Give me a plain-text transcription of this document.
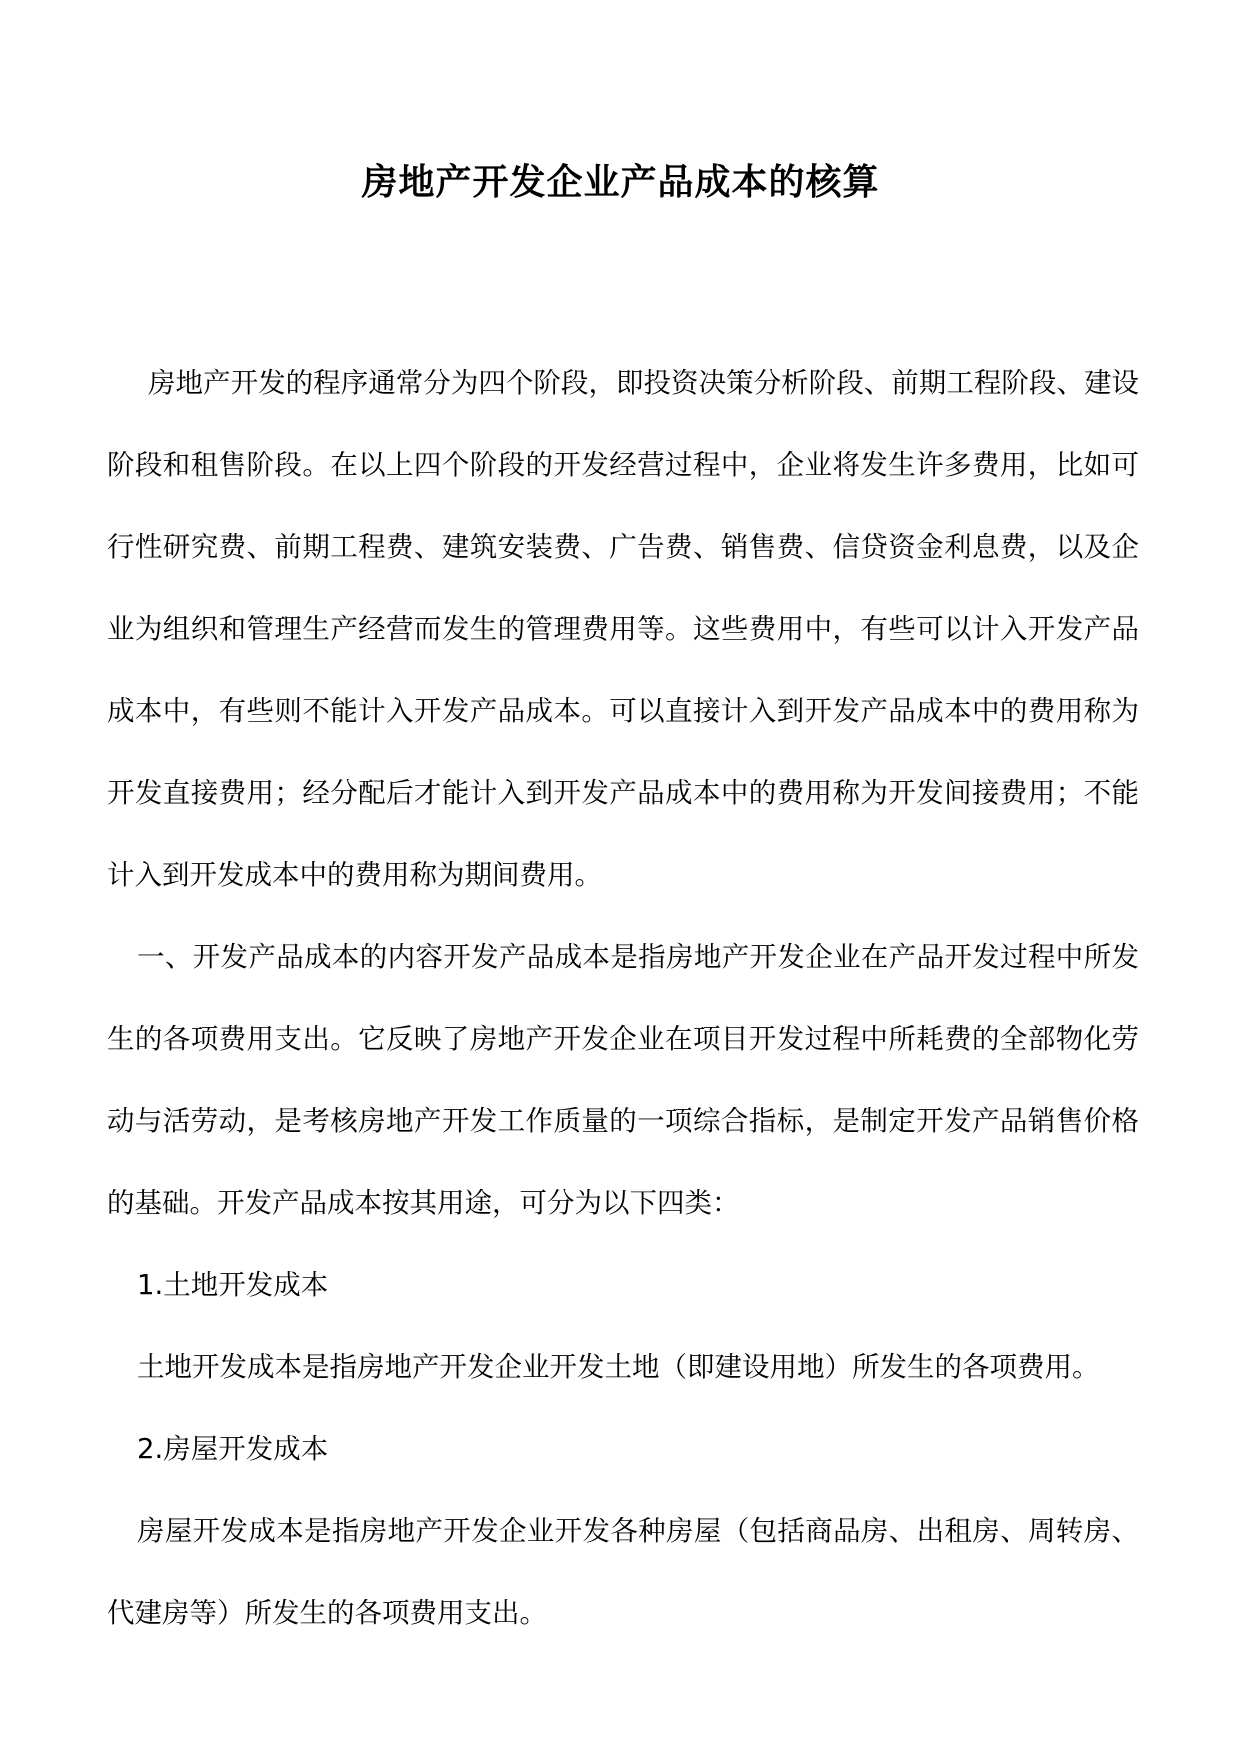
房地产开发企业产品成本的核算

房地产开发的程序通常分为四个阶段，即投资决策分析阶段、前期工程阶段、建设阶段和租售阶段。在以上四个阶段的开发经营过程中，企业将发生许多费用，比如可行性研究费、前期工程费、建筑安装费、广告费、销售费、信贷资金利息费，以及企业为组织和管理生产经营而发生的管理费用等。这些费用中，有些可以计入开发产品成本中，有些则不能计入开发产品成本。可以直接计入到开发产品成本中的费用称为开发直接费用；经分配后才能计入到开发产品成本中的费用称为开发间接费用；不能计入到开发成本中的费用称为期间费用。

一、开发产品成本的内容开发产品成本是指房地产开发企业在产品开发过程中所发生的各项费用支出。它反映了房地产开发企业在项目开发过程中所耗费的全部物化劳动与活劳动，是考核房地产开发工作质量的一项综合指标，是制定开发产品销售价格的基础。开发产品成本按其用途，可分为以下四类：

1.土地开发成本

土地开发成本是指房地产开发企业开发土地（即建设用地）所发生的各项费用。

2.房屋开发成本

房屋开发成本是指房地产开发企业开发各种房屋（包括商品房、出租房、周转房、代建房等）所发生的各项费用支出。
